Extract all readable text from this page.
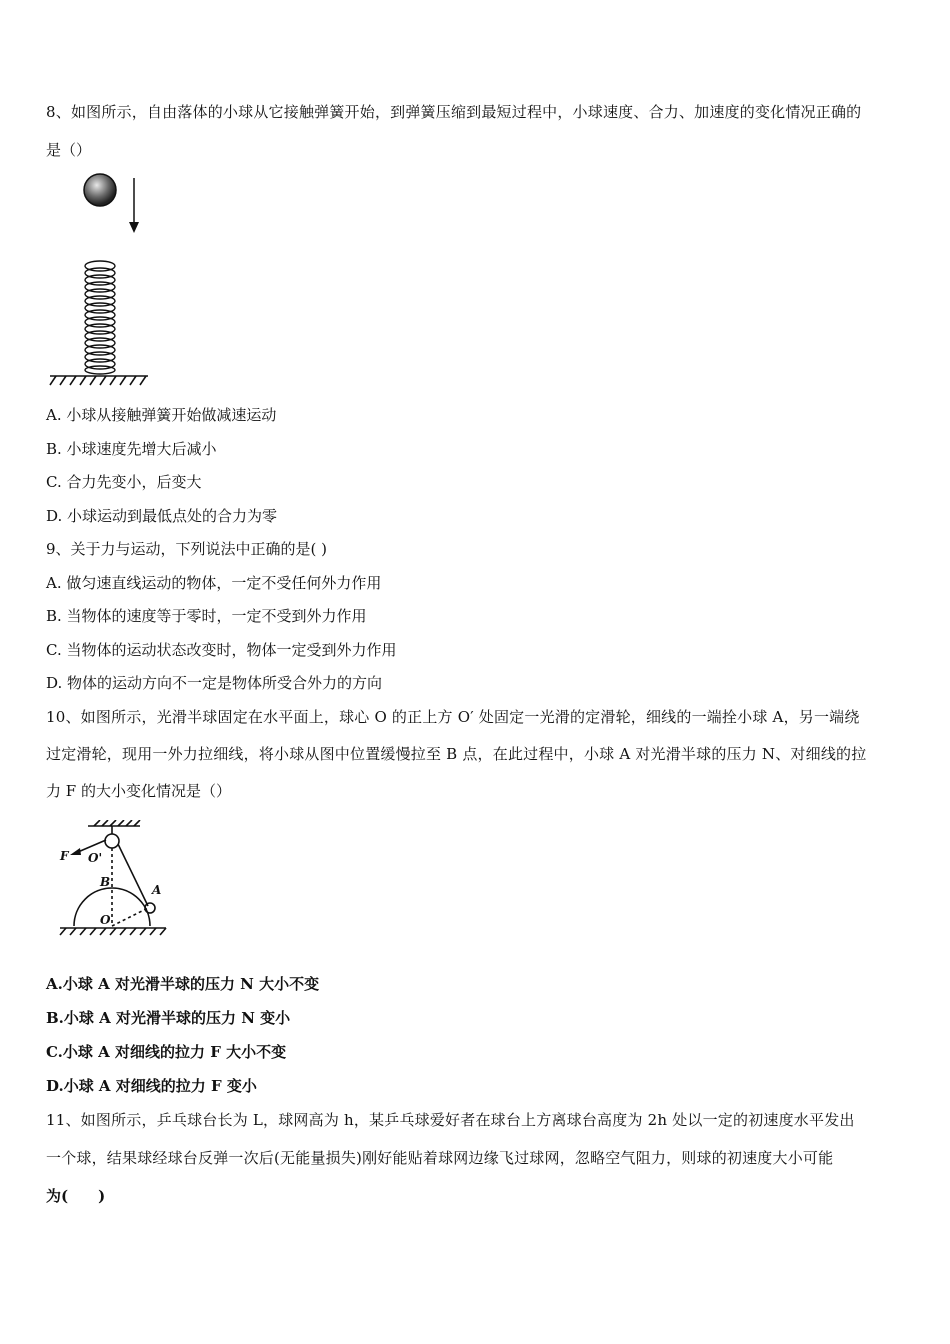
8、如图所示，自由落体的小球从它接触弹簧开始，到弹簧压缩到最短过程中，小球速度、合力、加速度的变化情况正确的
是（）
A. 小球从接触弹簧开始做减速运动
B. 小球速度先增大后减小
C. 合力先变小，后变大
D. 小球运动到最低点处的合力为零
9、关于力与运动，下列说法中正确的是( )
A. 做匀速直线运动的物体，一定不受任何外力作用
B. 当物体的速度等于零时，一定不受到外力作用
C. 当物体的运动状态改变时，物体一定受到外力作用
D. 物体的运动方向不一定是物体所受合外力的方向
10、如图所示，光滑半球固定在水平面上，球心 O 的正上方 O′ 处固定一光滑的定滑轮，细线的一端拴小球 A，另一端绕
过定滑轮，现用一外力拉细线，将小球从图中位置缓慢拉至 B 点，在此过程中，小球 A 对光滑半球的压力 N、对细线的拉
力 F 的大小变化情况是（）
F O'
B
A
O
A.小球 A 对光滑半球的压力 N 大小不变
B.小球 A 对光滑半球的压力 N 变小
C.小球 A 对细线的拉力 F 大小不变
D.小球 A 对细线的拉力 F 变小
11、如图所示，乒乓球台长为 L，球网高为 h，某乒乓球爱好者在球台上方离球台高度为 2h 处以一定的初速度水平发出
一个球，结果球经球台反弹一次后(无能量损失)刚好能贴着球网边缘飞过球网，忽略空气阻力，则球的初速度大小可能
为(　　)
